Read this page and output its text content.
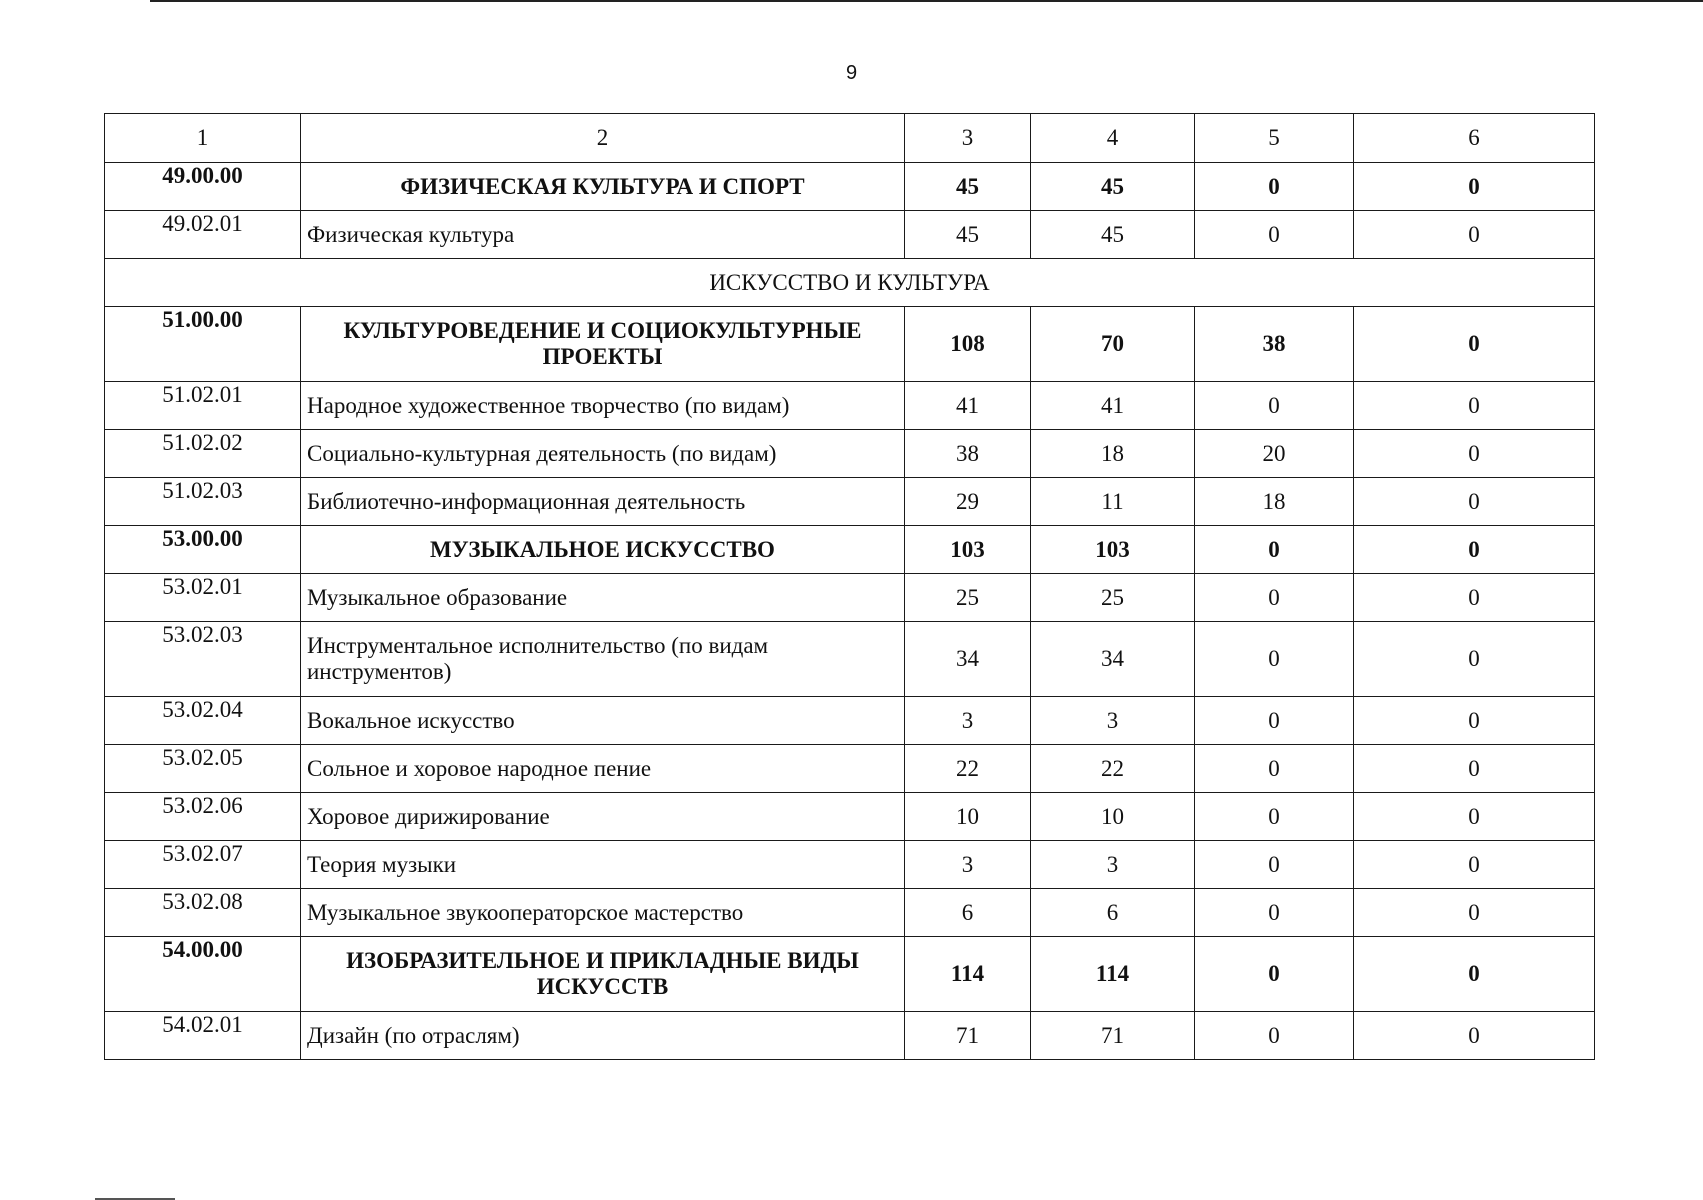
9
1	2	3	4	5	6
49.00.00	ФИЗИЧЕСКАЯ КУЛЬТУРА И СПОРТ	45	45	0	0
49.02.01	Физическая культура	45	45	0	0
ИСКУССТВО И КУЛЬТУРА					
51.00.00	КУЛЬТУРОВЕДЕНИЕ И СОЦИОКУЛЬТУРНЫЕ ПРОЕКТЫ	108	70	38	0
51.02.01	Народное художественное творчество (по видам)	41	41	0	0
51.02.02	Социально-культурная деятельность (по видам)	38	18	20	0
51.02.03	Библиотечно-информационная деятельность	29	11	18	0
53.00.00	МУЗЫКАЛЬНОЕ ИСКУССТВО	103	103	0	0
53.02.01	Музыкальное образование	25	25	0	0
53.02.03	Инструментальное исполнительство (по видам инструментов)	34	34	0	0
53.02.04	Вокальное искусство	3	3	0	0
53.02.05	Сольное и хоровое народное пение	22	22	0	0
53.02.06	Хоровое дирижирование	10	10	0	0
53.02.07	Теория музыки	3	3	0	0
53.02.08	Музыкальное звукооператорское мастерство	6	6	0	0
54.00.00	ИЗОБРАЗИТЕЛЬНОЕ И ПРИКЛАДНЫЕ ВИДЫ ИСКУССТВ	114	114	0	0
54.02.01	Дизайн (по отраслям)	71	71	0	0
